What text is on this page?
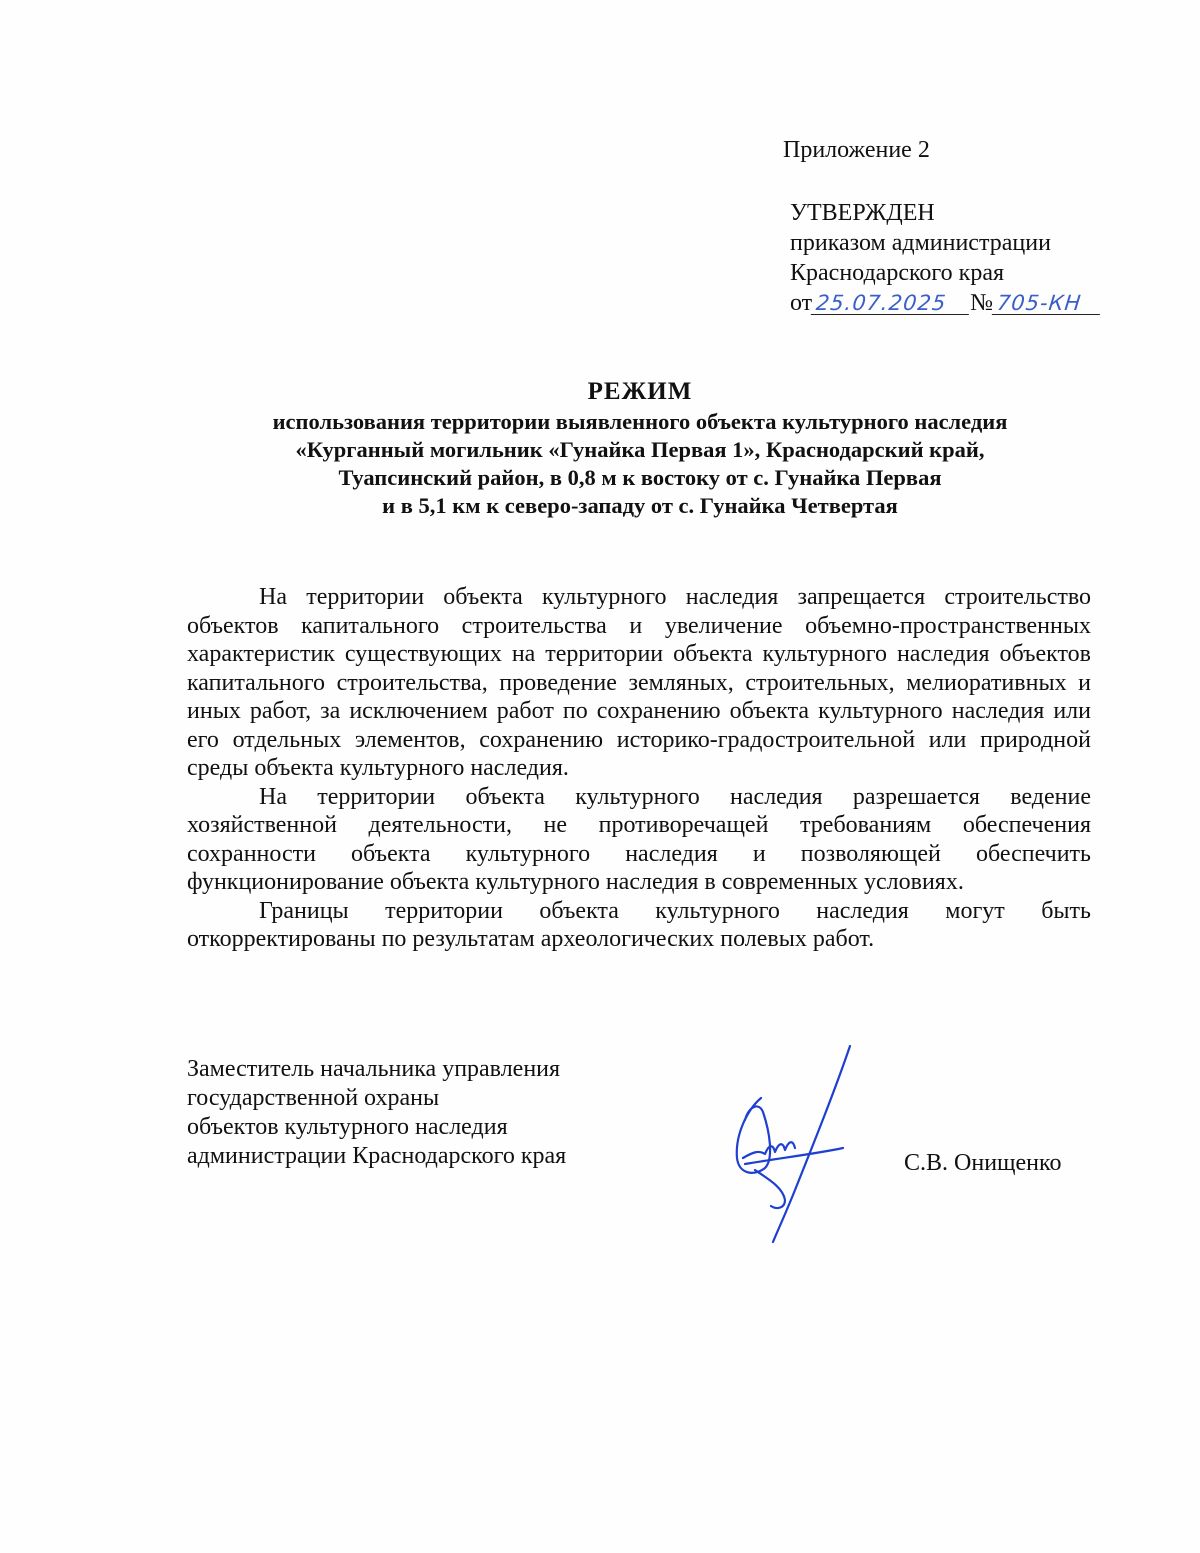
Приложение 2
УТВЕРЖДЕН
приказом администрации
Краснодарского края
от 25.07.2025 № 705-КН
РЕЖИМ
использования территории выявленного объекта культурного наследия
«Курганный могильник «Гунайка Первая 1», Краснодарский край,
Туапсинский район, в 0,8 м к востоку от с. Гунайка Первая
и в 5,1 км к северо-западу от с. Гунайка Четвертая

На территории объекта культурного наследия запрещается строительство объектов капитального строительства и увеличение объемно-пространственных характеристик существующих на территории объекта культурного наследия объектов капитального строительства, проведение земляных, строительных, мелиоративных и иных работ, за исключением работ по сохранению объекта культурного наследия или его отдельных элементов, сохранению историко-градостроительной или природной среды объекта культурного наследия.

На территории объекта культурного наследия разрешается ведение хозяйственной деятельности, не противоречащей требованиям обеспечения сохранности объекта культурного наследия и позволяющей обеспечить функционирование объекта культурного наследия в современных условиях.

Границы территории объекта культурного наследия могут быть откорректированы по результатам археологических полевых работ.

Заместитель начальника управления
государственной охраны
объектов культурного наследия
администрации Краснодарского края	С.В. Онищенко
